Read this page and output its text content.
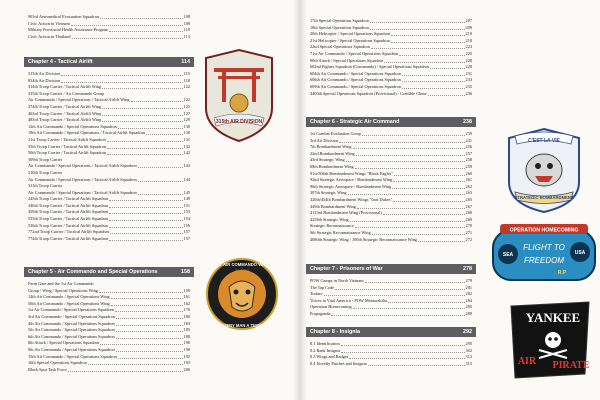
903rd Aeromedical Evacuation Squadron	108
Civic Action in Vietnam	108
Military Provincial Health Assistance Program	110
Civic Action in Thailand	113
Chapter 4 - Tactical Airlift	114
315th Air Division	115
834th Air Division	118
314th Troop Carrier / Tactical Airlift Wing	122
315th Troop Carrier / Air Commando Group
Air Commando / Special Operations / Tactical Airlift Wing	122
374th Troop Carrier / Tactical Airlift Wing	125
463rd Troop Carrier / Tactical Airlift Wing	127
483rd Troop Carrier / Tactical Airlift Wing	129
12th Air Commando / Special Operations Squadron	130
19th Air Commando / Special Operations / Tactical Airlift Squadron	130
21st Troop Carrier / Tactical Airlift Squadron	131
35th Troop Carrier / Tactical Airlift Squadron	132
50th Troop Carrier / Tactical Airlift Squadron	142
309th Troop Carrier
Air Commando / Special Operations / Tactical Airlift Squadron	143
310th Troop Carrier
Air Commando / Special Operations / Tactical Airlift Squadron	144
311th Troop Carrier
Air Commando / Special Operations / Tactical Airlift Squadron	145
345th Troop Carrier / Tactical Airlift Squadron	149
346th Troop Carrier / Tactical Airlift Squadron	151
459th Troop Carrier / Tactical Airlift Squadron	153
535th Troop Carrier / Tactical Airlift Squadron	154
536th Troop Carrier / Tactical Airlift Squadron	156
772nd Troop Carrier / Tactical Airlift Squadron	157
774th Troop Carrier / Tactical Airlift Squadron	157
Chapter 5 - Air Commando and Special Operations	158
Farm Gate and the 1st Air Commando
Group / Wing / Special Operations Wing	159
14th Air Commando / Special Operations Wing	161
56th Air Commando / Special Operations Wing	162
1st Air Commando / Special Operations Squadron	176
3rd Air Commando / Special Operations Squadron	180
4th Air Commando / Special Operations Squadron	183
5th Air Commando / Special Operations Squadron	185
6th Air Commando / Special Operations Squadron	188
8th Attack / Special Operations Squadron	190
9th Air Commando / Special Operations Squadron	190
15th Air Commando / Special Operations Squadron	192
16th Special Operations Squadron	193
Black Spot Task Force	206
315th AIR DIVISION
1ST AIR COMMANDO WING
EVERY MAN A TIGER
56 SOW
17th Special Operations Squadron	207
18th Special Operations Squadron	209
20th Helicopter / Special Operations Squadron	210
21st Helicopter / Special Operations Squadron	218
22nd Special Operations Squadron	223
71st Air Commando / Special Operations Squadron	225
90th Attack / Special Operations Squadron	228
602nd Fighter Squadron (Commando) / Special Operations Squadron	228
604th Air Commando / Special Operations Squadron	231
606th Air Commando / Special Operations Squadron	233
609th Air Commando / Special Operations Squadron	235
4400th Special Operations Squadron (Provisional) - Credible Chase	236
Chapter 6 - Strategic Air Command	238
1st Combat Evaluation Group	239
3rd Air Division	241
7th Bombardment Wing	256
22nd Bombardment Wing	257
43rd Strategic Wing	258
68th Bombardment Wing	259
91st/306th Bombardment Wings "Black Eagles"	260
92nd Strategic Aerospace / Bombardment Wing	261
96th Strategic Aerospace / Bombardment Wing	262
307th Strategic Wing	263
320th/454th Bombardment Wings "Iron Dukes"	265
449th Bombardment Wing	267
4133rd Bombardment Wing (Provisional)	268
4258th Strategic Wing	269
Strategic Reconnaissance	270
9th Strategic Reconnaissance Wing	271
4080th Strategic Wing / 100th Strategic Reconnaissance Wing	272
Chapter 7 - Prisoners of War	278
POW Camps in North Vietnam	279
The Tap Code	281
Torture	282
Voices in Vital America - POW Memorabilia	284
Operation Homecoming	285
Propaganda	289
Chapter 8 - Insignia	292
8.1 Identification	295
8.2 Rank Insignia	302
8.3 Wings and Badges	313
8.4 Novelty Patches and Insignia	315
C'EST LA VIE
STRATEGIC BOMBARDMENT
OPERATION HOMECOMING
SEA	USA
FLIGHT TO
FREEDOM
R.P
YANKEE
AIR PIRATE
